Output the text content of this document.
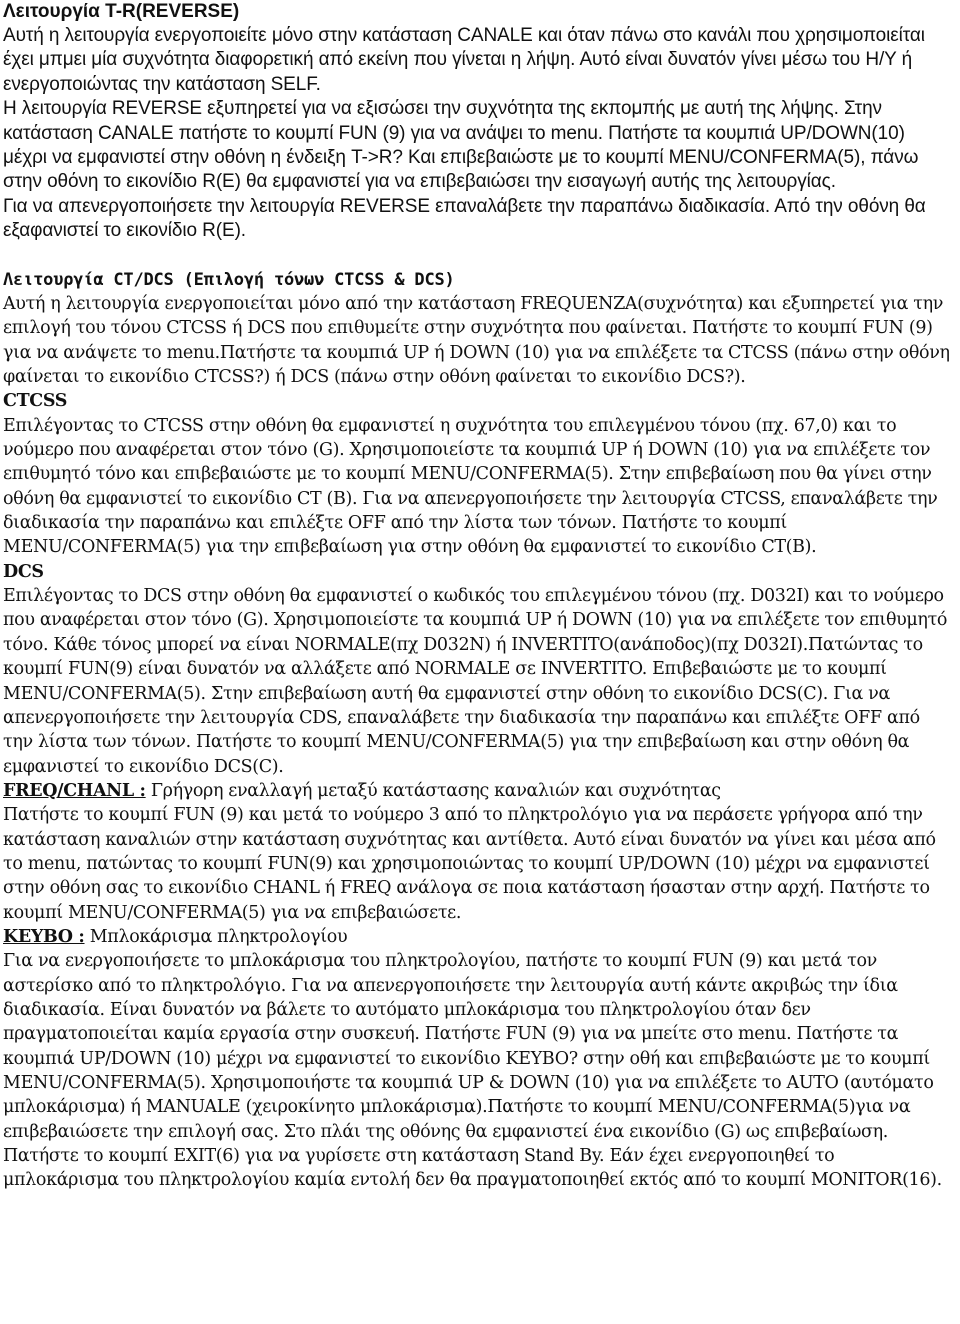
Λειτουργία T-R(REVERSE)

Αυτή η λειτουργία ενεργοποιείτε μόνο στην κατάσταση CANALE και όταν πάνω στο κανάλι που χρησιμοποιείται έχει μπμει μία συχνότητα διαφορετική από εκείνη που γίνεται η λήψη. Αυτό είναι δυνατόν γίνει μέσω του Η/Υ ή ενεργοποιώντας την κατάσταση SELF.

Η λειτουργία REVERSE εξυπηρετεί για να εξισώσει την συχνότητα της εκπομπής με αυτή της λήψης. Στην κατάσταση CANALE πατήστε το κουμπί FUN (9) για να ανάψει το menu. Πατήστε τα κουμπιά UP/DOWN(10) μέχρι να εμφανιστεί στην οθόνη η ένδειξη T->R? Και επιβεβαιώστε με το κουμπί MENU/CONFERMA(5), πάνω στην οθόνη το εικονίδιο R(E) θα εμφανιστεί για να επιβεβαιώσει την εισαγωγή αυτής της λειτουργίας.

Για να απενεργοποιήσετε την λειτουργία REVERSE επαναλάβετε την παραπάνω διαδικασία. Από την οθόνη θα εξαφανιστεί το εικονίδιο R(E).

Λειτουργία CT/DCS (Επιλογή τόνων CTCSS & DCS)

Αυτή η λειτουργία ενεργοποιείται μόνο από την κατάσταση FREQUENZA(συχνότητα) και εξυπηρετεί για την επιλογή του τόνου CTCSS ή DCS που επιθυμείτε στην συχνότητα που φαίνεται. Πατήστε το κουμπί FUN (9) για να ανάψετε το menu.Πατήστε τα κουμπιά UP ή DOWN (10) για να επιλέξετε τα CTCSS (πάνω στην οθόνη φαίνεται το εικονίδιο CTCSS?) ή DCS (πάνω στην οθόνη φαίνεται το εικονίδιο DCS?).

CTCSS

Επιλέγοντας το CTCSS στην οθόνη θα εμφανιστεί η συχνότητα του επιλεγμένου τόνου (πχ. 67,0) και το νούμερο που αναφέρεται στον τόνο (G). Χρησιμοποιείστε τα κουμπιά UP ή DOWN (10) για να επιλέξετε τον επιθυμητό τόνο και επιβεβαιώστε με το κουμπί MENU/CONFERMA(5). Στην επιβεβαίωση που θα γίνει στην οθόνη θα εμφανιστεί το εικονίδιο CT (B). Για να απενεργοποιήσετε την λειτουργία CTCSS, επαναλάβετε την διαδικασία την παραπάνω και επιλέξτε OFF από την λίστα των τόνων. Πατήστε το κουμπί MENU/CONFERMA(5) για την επιβεβαίωση για στην οθόνη θα εμφανιστεί το εικονίδιο CT(B).

DCS

Επιλέγοντας το DCS στην οθόνη θα εμφανιστεί ο κωδικός του επιλεγμένου τόνου (πχ. D032I) και το νούμερο που αναφέρεται στον τόνο (G). Χρησιμοποιείστε τα κουμπιά UP ή DOWN (10) για να επιλέξετε τον επιθυμητό τόνο. Κάθε τόνος μπορεί να είναι NORMALE(πχ D032N) ή INVERTITO(ανάποδος)(πχ D032I).Πατώντας το κουμπί FUN(9) είναι δυνατόν να αλλάξετε από NORMALE σε INVERTITO. Επιβεβαιώστε με το κουμπί MENU/CONFERMA(5). Στην επιβεβαίωση αυτή θα εμφανιστεί στην οθόνη το εικονίδιο DCS(C). Για να απενεργοποιήσετε την λειτουργία CDS, επαναλάβετε την διαδικασία την παραπάνω και επιλέξτε OFF από την λίστα των τόνων. Πατήστε το κουμπί MENU/CONFERMA(5) για την επιβεβαίωση και στην οθόνη θα εμφανιστεί το εικονίδιο DCS(C).

FREQ/CHANL : Γρήγορη εναλλαγή μεταξύ κατάστασης καναλιών και συχνότητας

Πατήστε το κουμπί FUN (9) και μετά το νούμερο 3 από το πληκτρολόγιο για να περάσετε γρήγορα από την κατάσταση καναλιών στην κατάσταση συχνότητας και αντίθετα. Αυτό είναι δυνατόν να γίνει και μέσα από το menu, πατώντας το κουμπί FUN(9) και χρησιμοποιώντας το κουμπί UP/DOWN (10) μέχρι να εμφανιστεί στην οθόνη σας το εικονίδιο CHANL ή FREQ ανάλογα σε ποια κατάσταση ήσασταν στην αρχή. Πατήστε το κουμπί MENU/CONFERMA(5) για να επιβεβαιώσετε.

KEYBO : Μπλοκάρισμα πληκτρολογίου

Για να ενεργοποιήσετε το μπλοκάρισμα του πληκτρολογίου, πατήστε το κουμπί FUN (9) και μετά τον αστερίσκο από το πληκτρολόγιο. Για να απενεργοποιήσετε την λειτουργία αυτή κάντε ακριβώς την ίδια διαδικασία. Είναι δυνατόν να βάλετε το αυτόματο μπλοκάρισμα του πληκτρολογίου όταν δεν πραγματοποιείται καμία εργασία στην συσκευή. Πατήστε FUN (9) για να μπείτε στο menu. Πατήστε τα κουμπιά UP/DOWN (10) μέχρι να εμφανιστεί το εικονίδιο KEYBO? στην οθή και επιβεβαιώστε με το κουμπί MENU/CONFERMA(5). Χρησιμοποιήστε τα κουμπιά UP & DOWN (10) για να επιλέξετε το AUTO (αυτόματο μπλοκάρισμα) ή MANUALE (χειροκίνητο μπλοκάρισμα).Πατήστε το κουμπί MENU/CONFERMA(5)για να επιβεβαιώσετε την επιλογή σας. Στο πλάι της οθόνης θα εμφανιστεί ένα εικονίδιο (G) ως επιβεβαίωση. Πατήστε το κουμπί EXIT(6) για να γυρίσετε στη κατάσταση Stand By. Εάν έχει ενεργοποιηθεί το μπλοκάρισμα του πληκτρολογίου καμία εντολή δεν θα πραγματοποιηθεί εκτός από το κουμπί MONITOR(16).
